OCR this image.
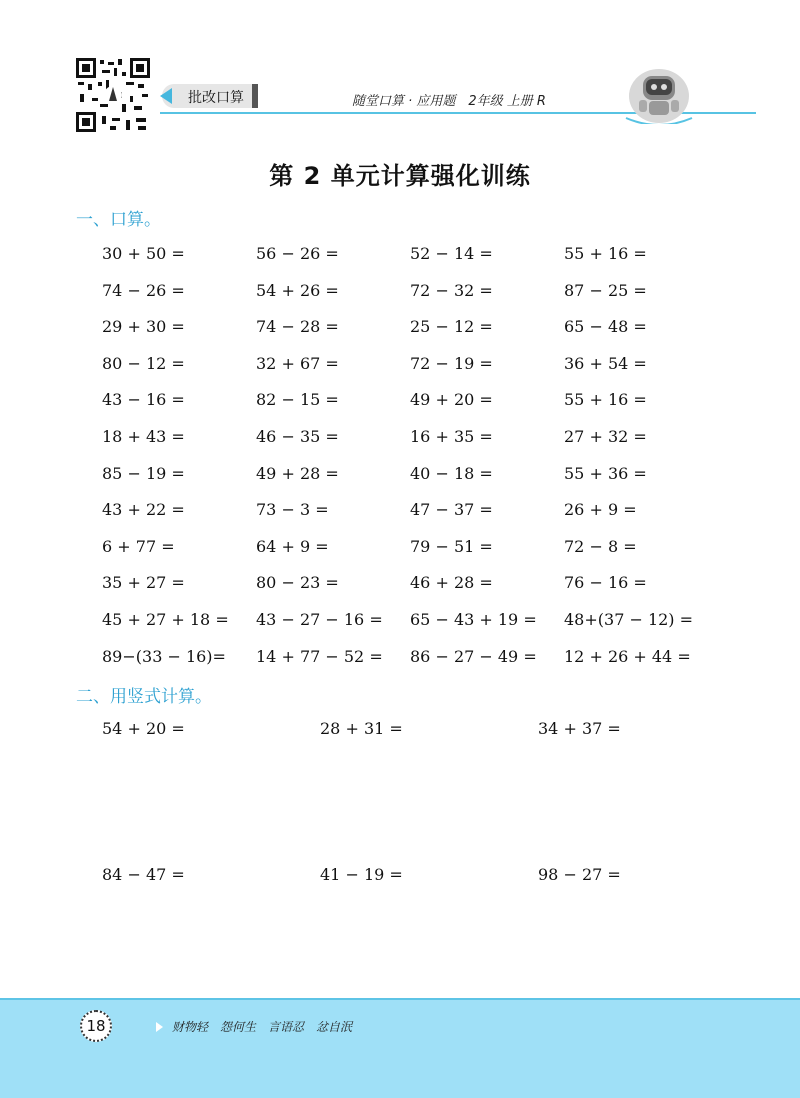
批改口算	随堂口算 · 应用题　2年级 上册 R
第 2 单元计算强化训练
一、口算。
30 + 50 =	56 − 26 =	52 − 14 =	55 + 16 =
74 − 26 =	54 + 26 =	72 − 32 =	87 − 25 =
29 + 30 =	74 − 28 =	25 − 12 =	65 − 48 =
80 − 12 =	32 + 67 =	72 − 19 =	36 + 54 =
43 − 16 =	82 − 15 =	49 + 20 =	55 + 16 =
18 + 43 =	46 − 35 =	16 + 35 =	27 + 32 =
85 − 19 =	49 + 28 =	40 − 18 =	55 + 36 =
43 + 22 =	73 − 3 =	47 − 37 =	26 + 9 =
6 + 77 =	64 + 9 =	79 − 51 =	72 − 8 =
35 + 27 =	80 − 23 =	46 + 28 =	76 − 16 =
45 + 27 + 18 = 43 − 27 − 16 = 65 − 43 + 19 = 48+(37 − 12) =
89−(33 − 16)= 14 + 77 − 52 = 86 − 27 − 49 = 12 + 26 + 44 =
二、用竖式计算。
54 + 20 =	28 + 31 =	34 + 37 =
84 − 47 =	41 − 19 =	98 − 27 =
18	财物轻　怨何生　言语忍　忿自泯
